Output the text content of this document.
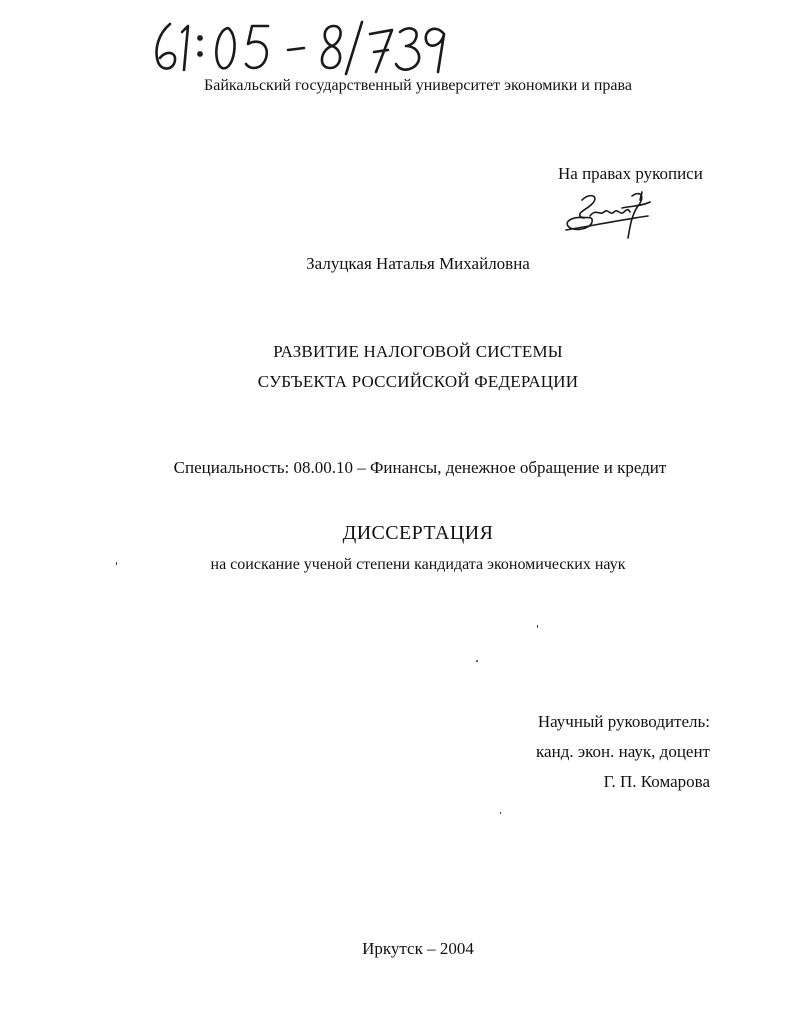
Байкальский государственный университет экономики и права
На правах рукописи
Залуцкая Наталья Михайловна
РАЗВИТИЕ НАЛОГОВОЙ СИСТЕМЫ
СУБЪЕКТА РОССИЙСКОЙ ФЕДЕРАЦИИ
Специальность: 08.00.10 – Финансы, денежное обращение и кредит
ДИССЕРТАЦИЯ
на соискание ученой степени кандидата экономических наук
Научный руководитель:
канд. экон. наук, доцент
Г. П. Комарова
Иркутск – 2004
